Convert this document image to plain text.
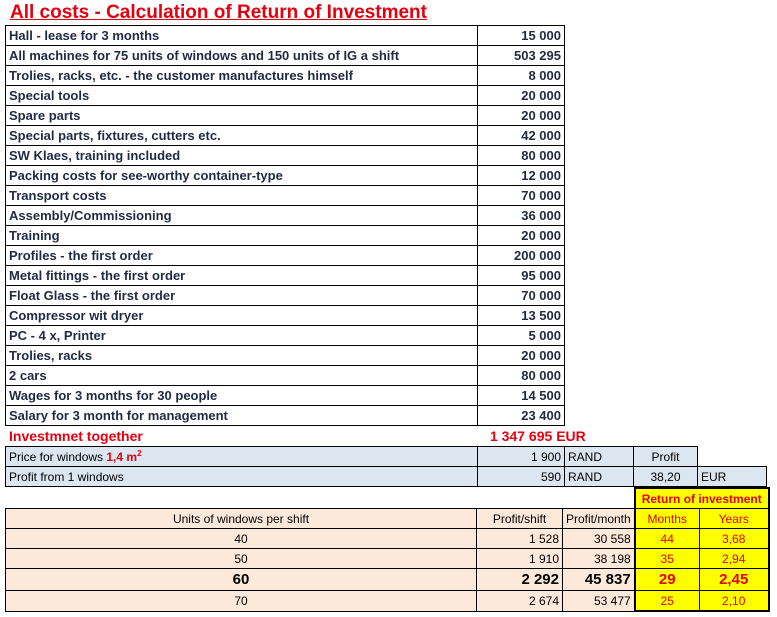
All costs - Calculation of Return of Investment
Hall - lease for 3 months	15 000
All machines for 75 units of windows and 150 units of IG a shift	503 295
Trolies, racks, etc. - the customer manufactures himself	8 000
Special tools	20 000
Spare parts	20 000
Special parts, fixtures, cutters etc.	42 000
SW Klaes, training included	80 000
Packing costs for see-worthy container-type	12 000
Transport costs	70 000
Assembly/Commissioning	36 000
Training	20 000
Profiles - the first order	200 000
Metal fittings - the first order	95 000
Float Glass - the first order	70 000
Compressor wit dryer	13 500
PC - 4 x, Printer	5 000
Trolies, racks	20 000
2 cars	80 000
Wages for 3 months for 30 people	14 500
Salary for 3 month for management	23 400
Investmnet together	1 347 695 EUR
Price for windows 1,4 $m^2$	1 900	RAND	Profit	
Profit from 1 windows	590	RAND	38,20	EUR
			Return of investment	
Units of windows per shift	Profit/shift	Profit/month	Months	Years
40	1 528	30 558	44	3,68
50	1 910	38 198	35	2,94
60	2 292	45 837	29	2,45
70	2 674	53 477	25	2,10
